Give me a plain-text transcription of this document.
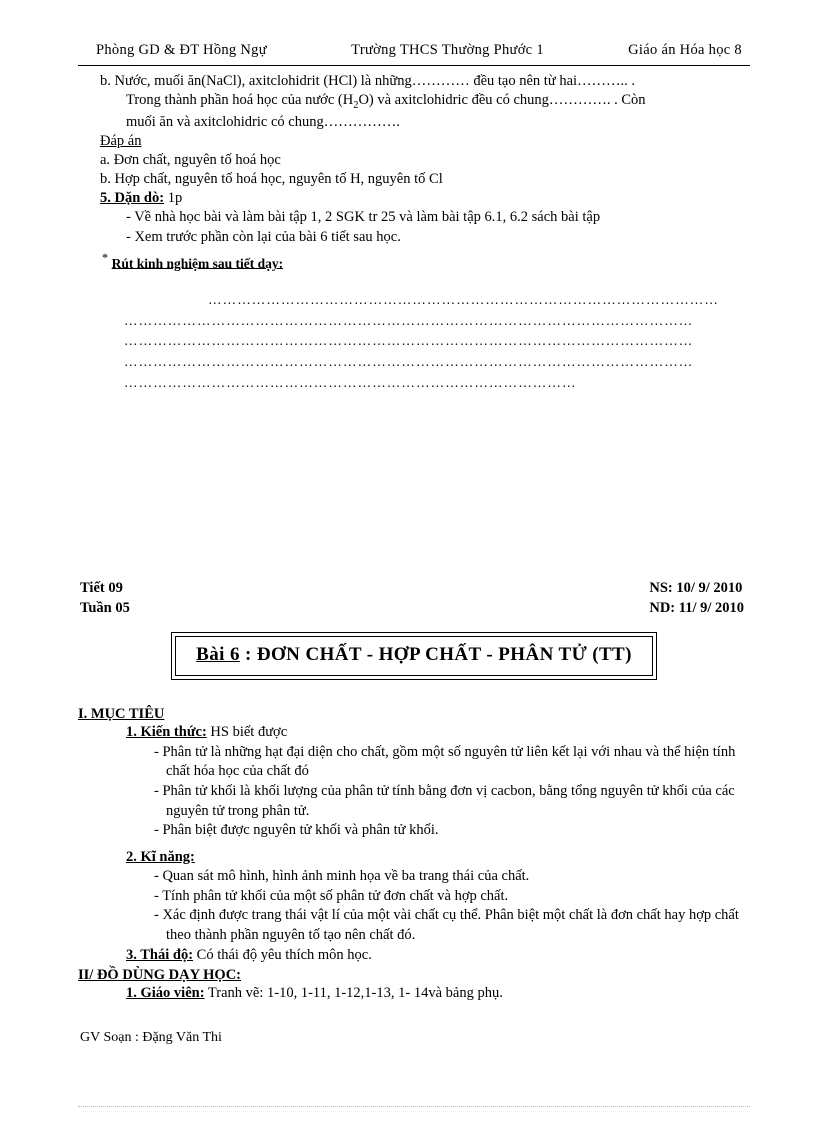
Phòng GD & ĐT Hồng Ngự	Trường THCS Thường Phước 1	Giáo án Hóa học 8
b. Nước, muối ăn(NaCl), axitclohidrit (HCl) là những………… đều tạo nên từ hai……….. .
Trong thành phần hoá học của nước $(H_2O)$ và axitclohidric đều có chung…………. . Còn
muối ăn và axitclohidric có chung…………….
Đáp án
a. Đơn chất, nguyên tố hoá học
b. Hợp chất, nguyên tố hoá học, nguyên tố H, nguyên tố Cl
5. Dặn dò: 1p
- Về nhà học bài và làm bài tập 1, 2 SGK tr 25 và làm bài tập 6.1, 6.2 sách bài tập
- Xem trước phần còn lại của bài 6 tiết sau học.
* Rút kinh nghiệm sau tiết dạy:
……………………………………………………………………………………………
………………………………………………………………………………………………………
………………………………………………………………………………………………………
………………………………………………………………………………………………………
…………………………………………………………………………………
Tiết 09
Tuần 05
NS: 10/ 9/ 2010
ND: 11/ 9/ 2010
Bài 6 : ĐƠN CHẤT - HỢP CHẤT - PHÂN TỬ (TT)
I. MỤC TIÊU
1. Kiến thức: HS biết được
- Phân tử là những hạt đại diện cho chất, gồm một số nguyên tử liên kết lại với nhau và thể hiện tính chất hóa học của chất đó
- Phân tử khối là khối lượng của phân tử tính bằng đơn vị cacbon, bằng tổng nguyên tử khối của các nguyên tử trong phân tử.
- Phân biệt được nguyên tử khối và phân tử khối.
2. Kĩ năng:
- Quan sát mô hình, hình ảnh minh họa về ba trang thái của chất.
- Tính phân tử khối của một số phân tử đơn chất và hợp chất.
- Xác định được trang thái vật lí của một vài chất cụ thể. Phân biệt một chất là đơn chất hay hợp chất theo thành phần nguyên tố tạo nên chất đó.
3. Thái độ: Có thái độ yêu thích môn học.
II/ ĐỒ DÙNG DẠY HỌC:
1. Giáo viên: Tranh vẽ: 1-10, 1-11, 1-12,1-13, 1- 14và bảng phụ.
GV Soạn : Đặng Văn Thi
